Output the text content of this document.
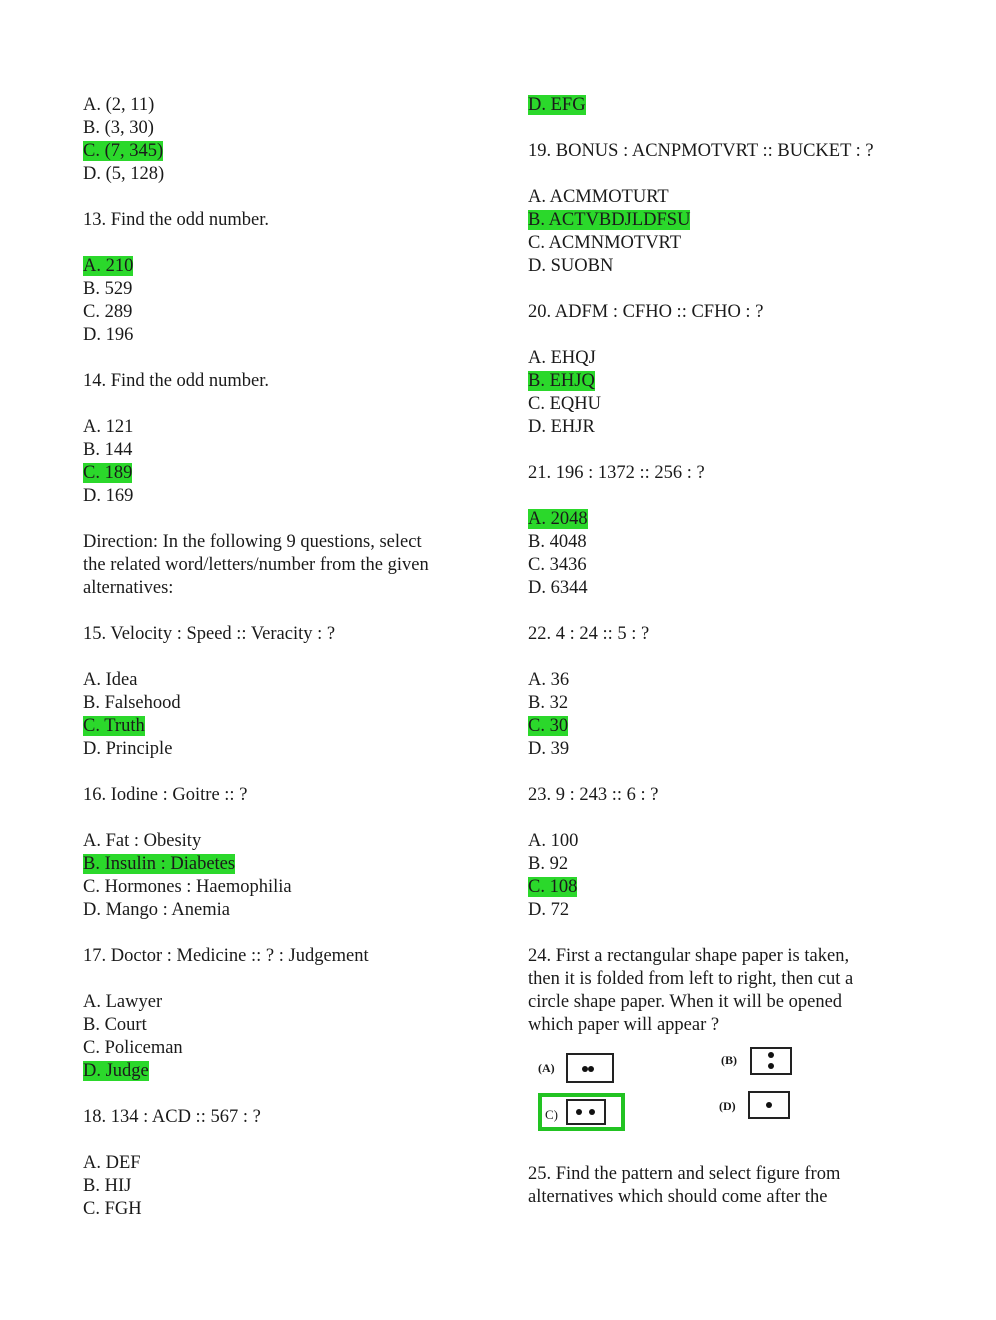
A. (2, 11)
B. (3, 30)
C. (7, 345)
D. (5, 128)
13. Find the odd number.
A. 210
B. 529
C. 289
D. 196
14. Find the odd number.
A. 121
B. 144
C. 189
D. 169
Direction: In the following 9 questions, select
the related word/letters/number from the given
alternatives:
15. Velocity : Speed :: Veracity : ?
A. Idea
B. Falsehood
C. Truth
D. Principle
16. Iodine : Goitre :: ?
A. Fat : Obesity
B. Insulin : Diabetes
C. Hormones : Haemophilia
D. Mango : Anemia
17. Doctor : Medicine :: ? : Judgement
A. Lawyer
B. Court
C. Policeman
D. Judge
18. 134 : ACD :: 567 : ?
A. DEF
B. HIJ
C. FGH
D. EFG
19. BONUS : ACNPMOTVRT :: BUCKET : ?
A. ACMMOTURT
B. ACTVBDJLDFSU
C. ACMNMOTVRT
D. SUOBN
20. ADFM : CFHO :: CFHO : ?
A. EHQJ
B. EHJQ
C. EQHU
D. EHJR
21. 196 : 1372 :: 256 : ?
A. 2048
B. 4048
C. 3436
D. 6344
22. 4 : 24 :: 5 : ?
A. 36
B. 32
C. 30
D. 39
23. 9 : 243 :: 6 : ?
A. 100
B. 92
C. 108
D. 72
24. First a rectangular shape paper is taken,
then it is folded from left to right, then cut a
circle shape paper. When it will be opened
which paper will appear ?
(A)
(B)
C)
(D)
25. Find the pattern and select figure from
alternatives which should come after the
